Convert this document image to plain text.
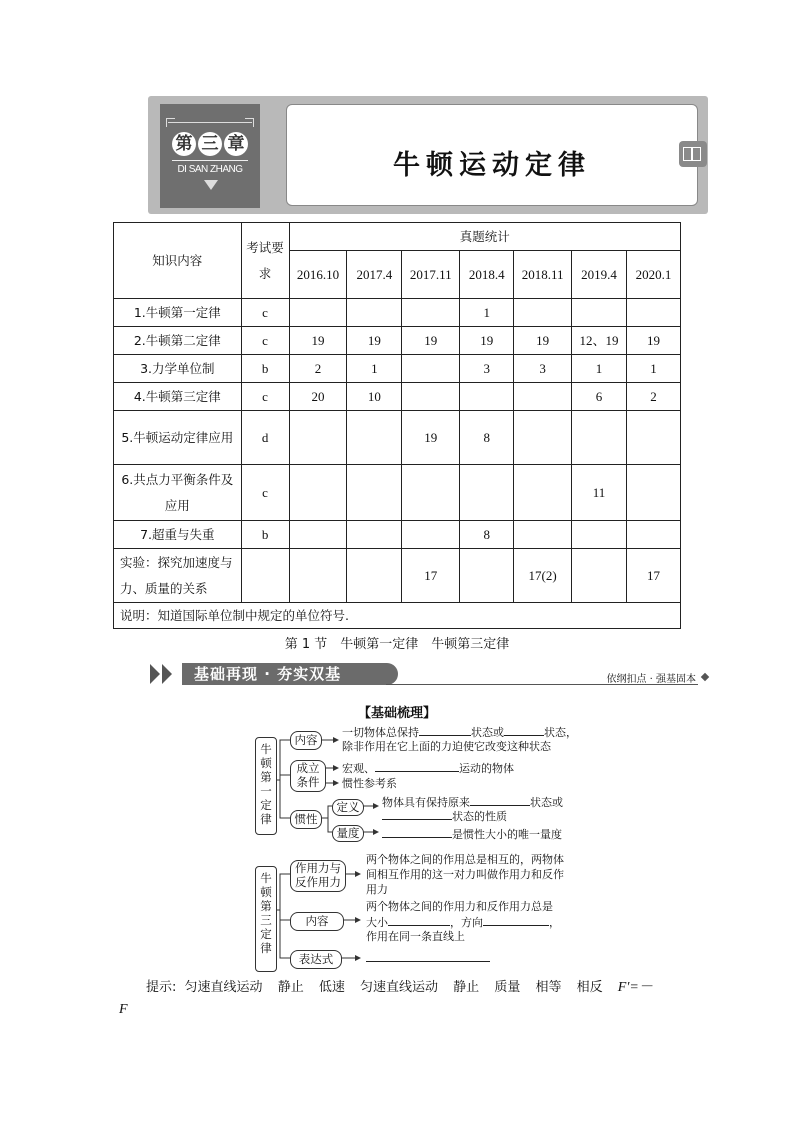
第 三 章
DI SAN ZHANG	牛顿运动定律
知识内容	考试要求	真题统计						
		2016.10	2017.4	2017.11	2018.4	2018.11	2019.4	2020.1
1.牛顿第一定律	c				1			
2.牛顿第二定律	c	19	19	19	19	19	12、19	19
3.力学单位制	b	2	1		3	3	1	1
4.牛顿第三定律	c	20	10				6	2
5.牛顿运动定律应用	d			19	8			
6.共点力平衡条件及应用	c						11	
7.超重与失重	b				8			
实验：探究加速度与力、质量的关系				17		17(2)		17
说明：知道国际单位制中规定的单位符号.								
第 1 节　牛顿第一定律　牛顿第三定律
基础再现 · 夯实双基	依纲扣点 · 强基固本
【基础梳理】
牛顿第一定律
牛顿第三定律
内容
成立条件
惯性
定义
量度
作用力与反作用力
内容
表达式
一切物体总保持	状态或	状态，
除非作用在它上面的力迫使它改变这种状态
宏观、	运动的物体
惯性参考系
物体具有保持原来	状态或
状态的性质
是惯性大小的唯一量度
两个物体之间的作用总是相互的，两物体
间相互作用的这一对力叫做作用力和反作
用力
两个物体之间的作用力和反作用力总是
大小	，方向	，
作用在同一条直线上
提示: 匀速直线运动 静止 低速 匀速直线运动 静止 质量 相等 相反 F′=－
F
